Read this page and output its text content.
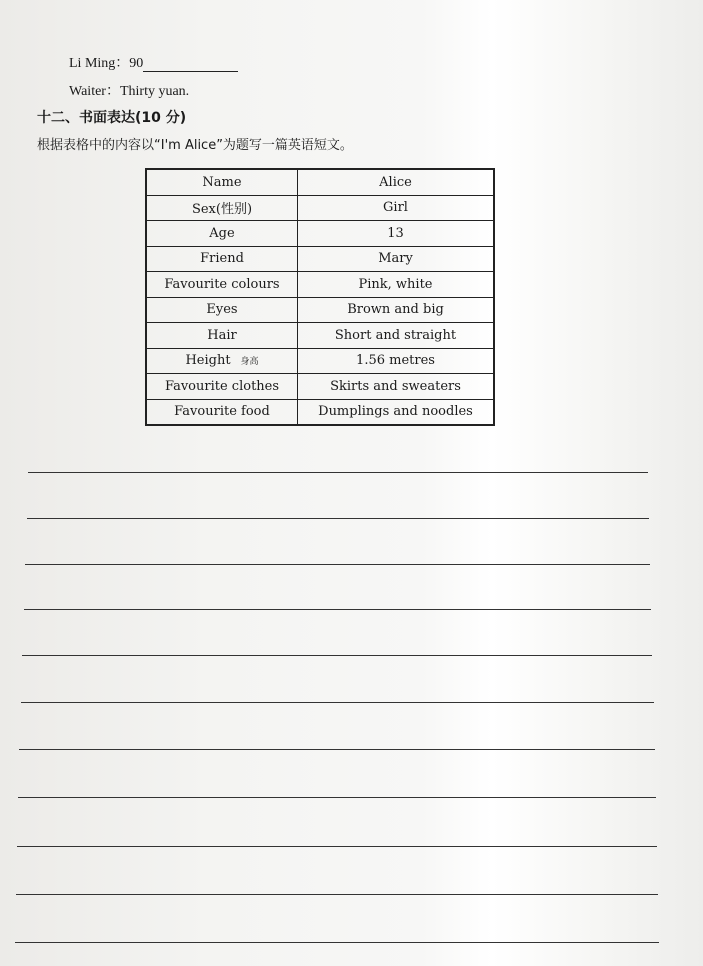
Li Ming：90
Waiter：Thirty yuan.
十二、书面表达(10 分)
根据表格中的内容以“I'm Alice”为题写一篇英语短文。
Name	Alice
Sex(性别)	Girl
Age	13
Friend	Mary
Favourite colours	Pink, white
Eyes	Brown and big
Hair	Short and straight
Height 身高	1.56 metres
Favourite clothes	Skirts and sweaters
Favourite food	Dumplings and noodles
